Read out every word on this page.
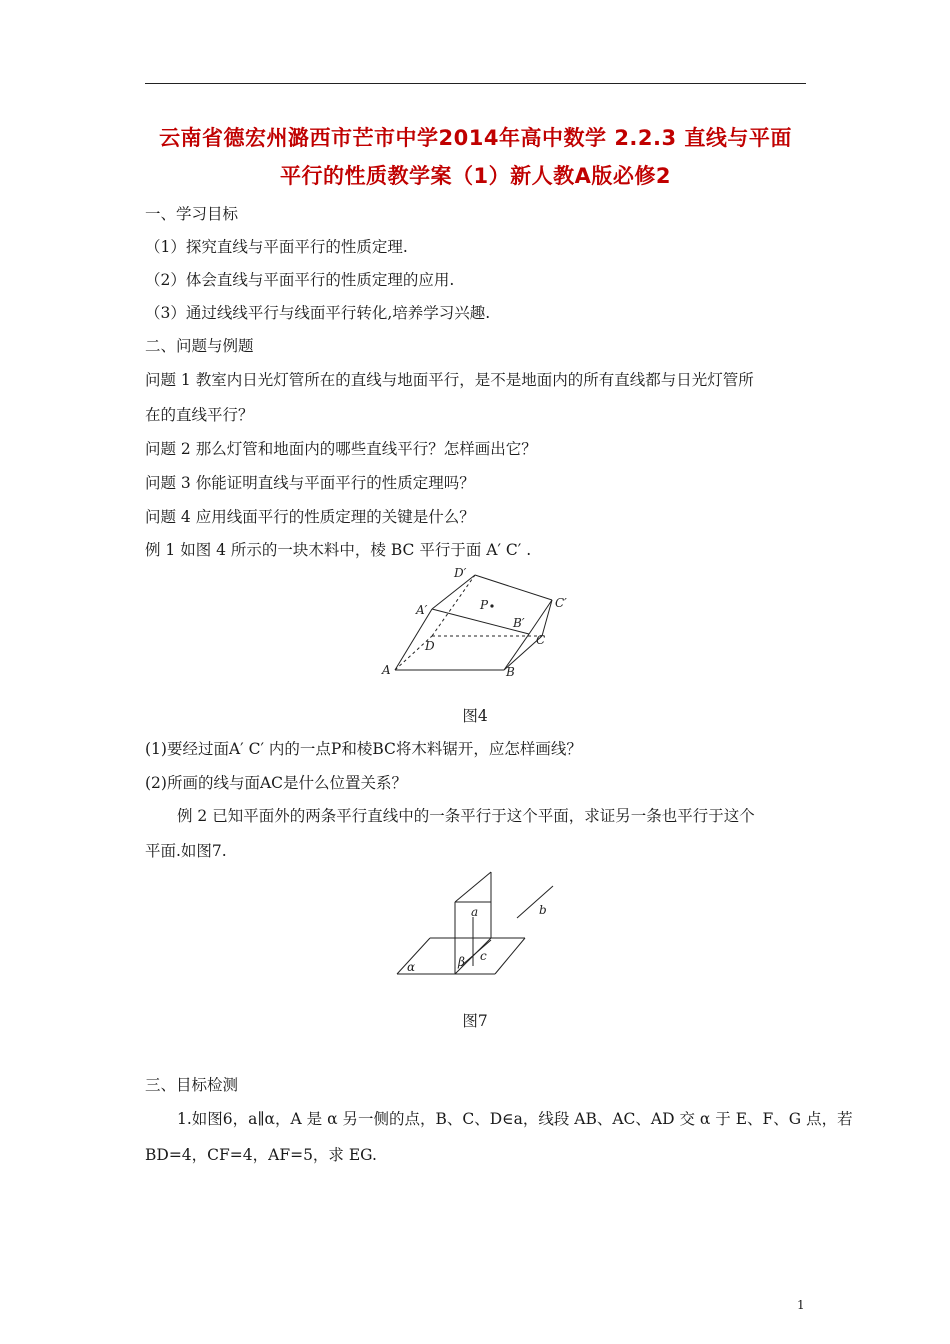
云南省德宏州潞西市芒市中学2014年高中数学 2.2.3 直线与平面
平行的性质教学案（1）新人教A版必修2
一、学习目标
（1）探究直线与平面平行的性质定理.
（2）体会直线与平面平行的性质定理的应用.
（3）通过线线平行与线面平行转化,培养学习兴趣.
二、问题与例题
问题 1 教室内日光灯管所在的直线与地面平行，是不是地面内的所有直线都与日光灯管所
在的直线平行？
问题 2 那么灯管和地面内的哪些直线平行？怎样画出它？
问题 3 你能证明直线与平面平行的性质定理吗？
问题 4 应用线面平行的性质定理的关键是什么？
例 1 如图 4 所示的一块木料中，棱 BC 平行于面 A′ C′ .
D′
A′	P	C′
B′
C
D
A	B
图4
(1)要经过面A′ C′ 内的一点P和棱BC将木料锯开，应怎样画线？
(2)所画的线与面AC是什么位置关系？
例 2 已知平面外的两条平行直线中的一条平行于这个平面，求证另一条也平行于这个
平面.如图7.
a	b
c
β
α
图7
三、目标检测
1.如图6，a∥α，A 是 α 另一侧的点，B、C、D∈a，线段 AB、AC、AD 交 α 于 E、F、G 点，若
BD=4，CF=4，AF=5，求 EG.
1
